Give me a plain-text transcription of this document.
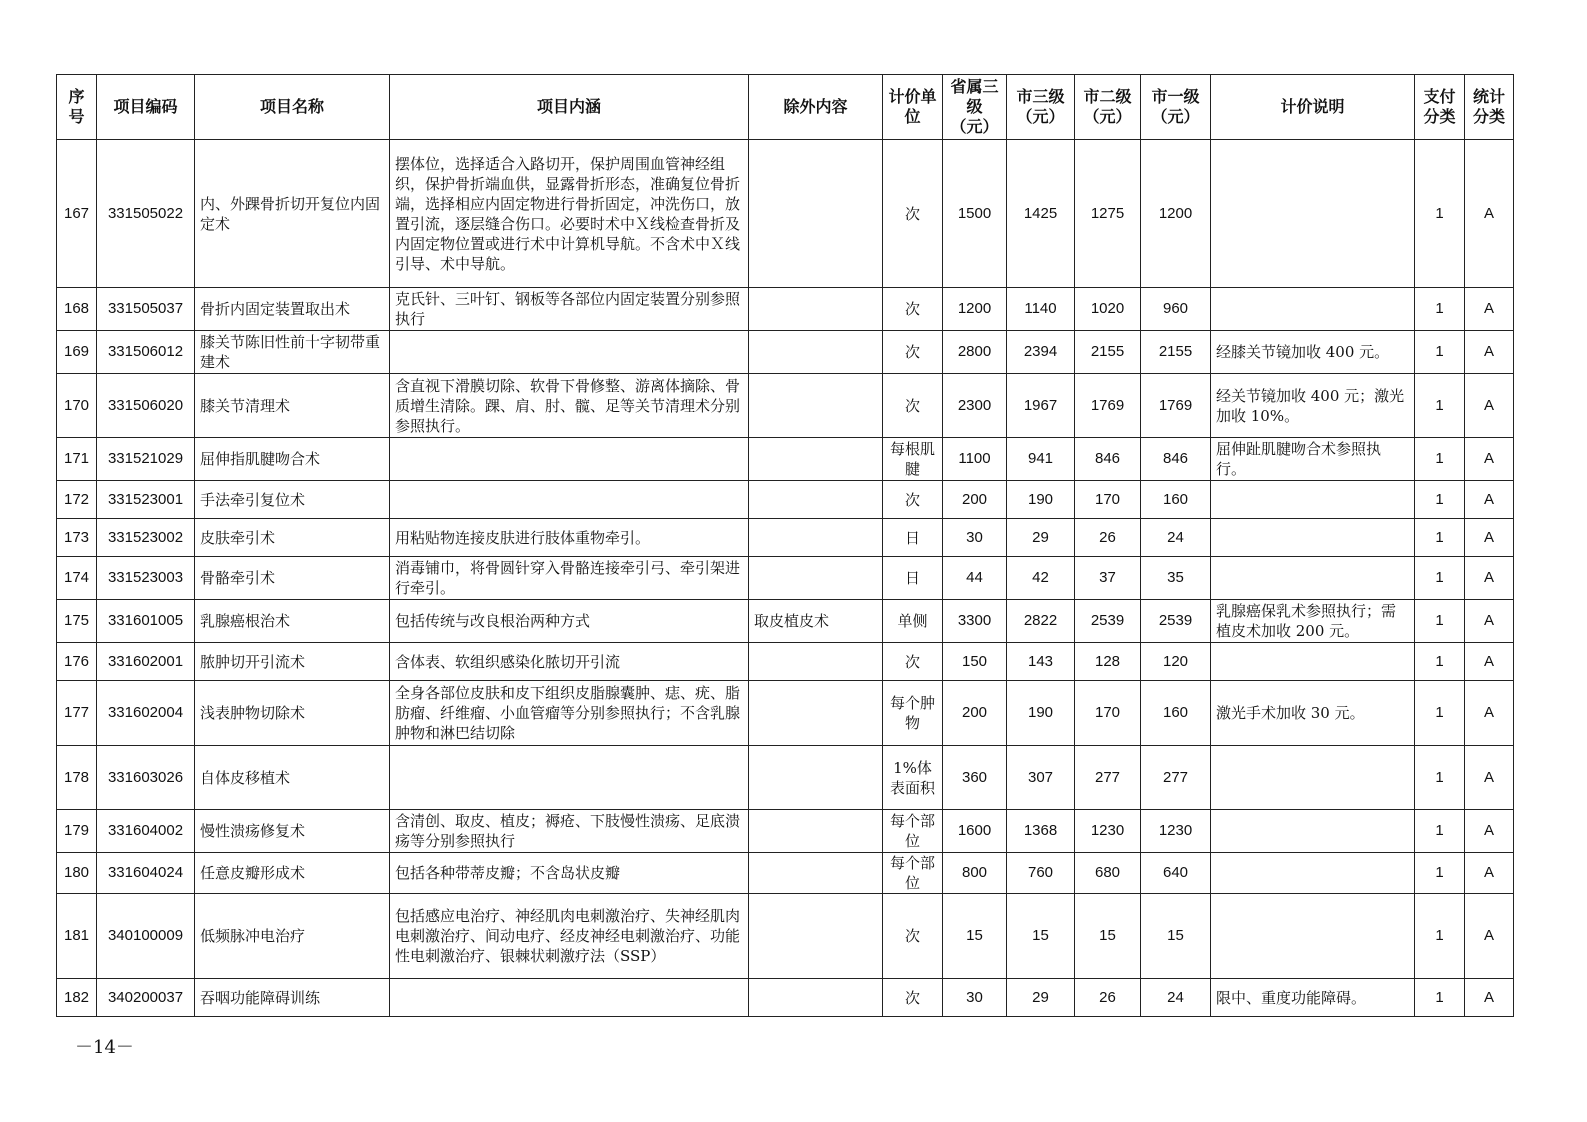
序号	项目编码	项目名称	项目内涵	除外内容	计价单位	省属三级（元）	市三级（元）	市二级（元）	市一级（元）	计价说明	支付分类	统计分类
167	331505022	内、外踝骨折切开复位内固定术	摆体位，选择适合入路切开，保护周围血管神经组织，保护骨折端血供，显露骨折形态，准确复位骨折端，选择相应内固定物进行骨折固定，冲洗伤口，放置引流，逐层缝合伤口。必要时术中Ｘ线检查骨折及内固定物位置或进行术中计算机导航。不含术中Ｘ线引导、术中导航。		次	1500	1425	1275	1200		1	A
168	331505037	骨折内固定装置取出术	克氏针、三叶钉、钢板等各部位内固定装置分别参照执行		次	1200	1140	1020	960		1	A
169	331506012	膝关节陈旧性前十字韧带重建术			次	2800	2394	2155	2155	经膝关节镜加收 400 元。	1	A
170	331506020	膝关节清理术	含直视下滑膜切除、软骨下骨修整、游离体摘除、骨质增生清除。踝、肩、肘、髋、足等关节清理术分别参照执行。		次	2300	1967	1769	1769	经关节镜加收 400 元；激光加收 10%。	1	A
171	331521029	屈伸指肌腱吻合术			每根肌腱	1100	941	846	846	屈伸趾肌腱吻合术参照执行。	1	A
172	331523001	手法牵引复位术			次	200	190	170	160		1	A
173	331523002	皮肤牵引术	用粘贴物连接皮肤进行肢体重物牵引。		日	30	29	26	24		1	A
174	331523003	骨骼牵引术	消毒铺巾，将骨圆针穿入骨骼连接牵引弓、牵引架进行牵引。		日	44	42	37	35		1	A
175	331601005	乳腺癌根治术	包括传统与改良根治两种方式	取皮植皮术	单侧	3300	2822	2539	2539	乳腺癌保乳术参照执行；需植皮术加收 200 元。	1	A
176	331602001	脓肿切开引流术	含体表、软组织感染化脓切开引流		次	150	143	128	120		1	A
177	331602004	浅表肿物切除术	全身各部位皮肤和皮下组织皮脂腺囊肿、痣、疣、脂肪瘤、纤维瘤、小血管瘤等分别参照执行；不含乳腺肿物和淋巴结切除		每个肿物	200	190	170	160	激光手术加收 30 元。	1	A
178	331603026	自体皮移植术			1%体表面积	360	307	277	277		1	A
179	331604002	慢性溃疡修复术	含清创、取皮、植皮；褥疮、下肢慢性溃疡、足底溃疡等分别参照执行		每个部位	1600	1368	1230	1230		1	A
180	331604024	任意皮瓣形成术	包括各种带蒂皮瓣；不含岛状皮瓣		每个部位	800	760	680	640		1	A
181	340100009	低频脉冲电治疗	包括感应电治疗、神经肌肉电刺激治疗、失神经肌肉电刺激治疗、间动电疗、经皮神经电刺激治疗、功能性电刺激治疗、银棘状刺激疗法（SSP）		次	15	15	15	15		1	A
182	340200037	吞咽功能障碍训练			次	30	29	26	24	限中、重度功能障碍。	1	A
－14－
